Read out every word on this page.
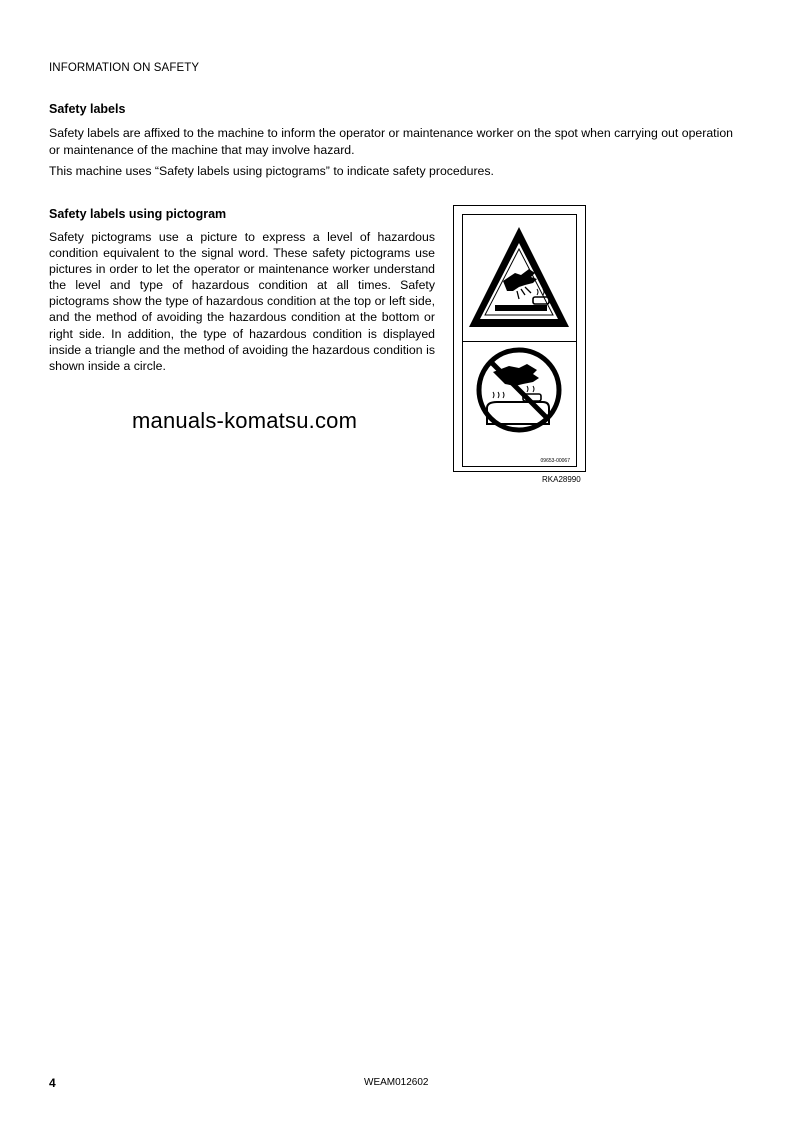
INFORMATION ON SAFETY
Safety labels
Safety labels are affixed to the machine to inform the operator or maintenance worker on the spot when carrying out operation or maintenance of the machine that may involve hazard.
This machine uses “Safety labels using pictograms” to indicate safety procedures.
Safety labels using pictogram
Safety pictograms use a picture to express a level of hazardous condition equivalent to the signal word. These safety pictograms use pictures in order to let the operator or maintenance worker understand the level and type of hazardous condition at all times. Safety pictograms show the type of hazardous condition at the top or left side, and the method of avoiding the hazardous condition at the bottom or right side. In addition, the type of hazardous condition is displayed inside a triangle and the method of avoiding the hazardous condition is shown inside a circle.
manuals-komatsu.com
09653-00067
RKA28990
4	WEAM012602
